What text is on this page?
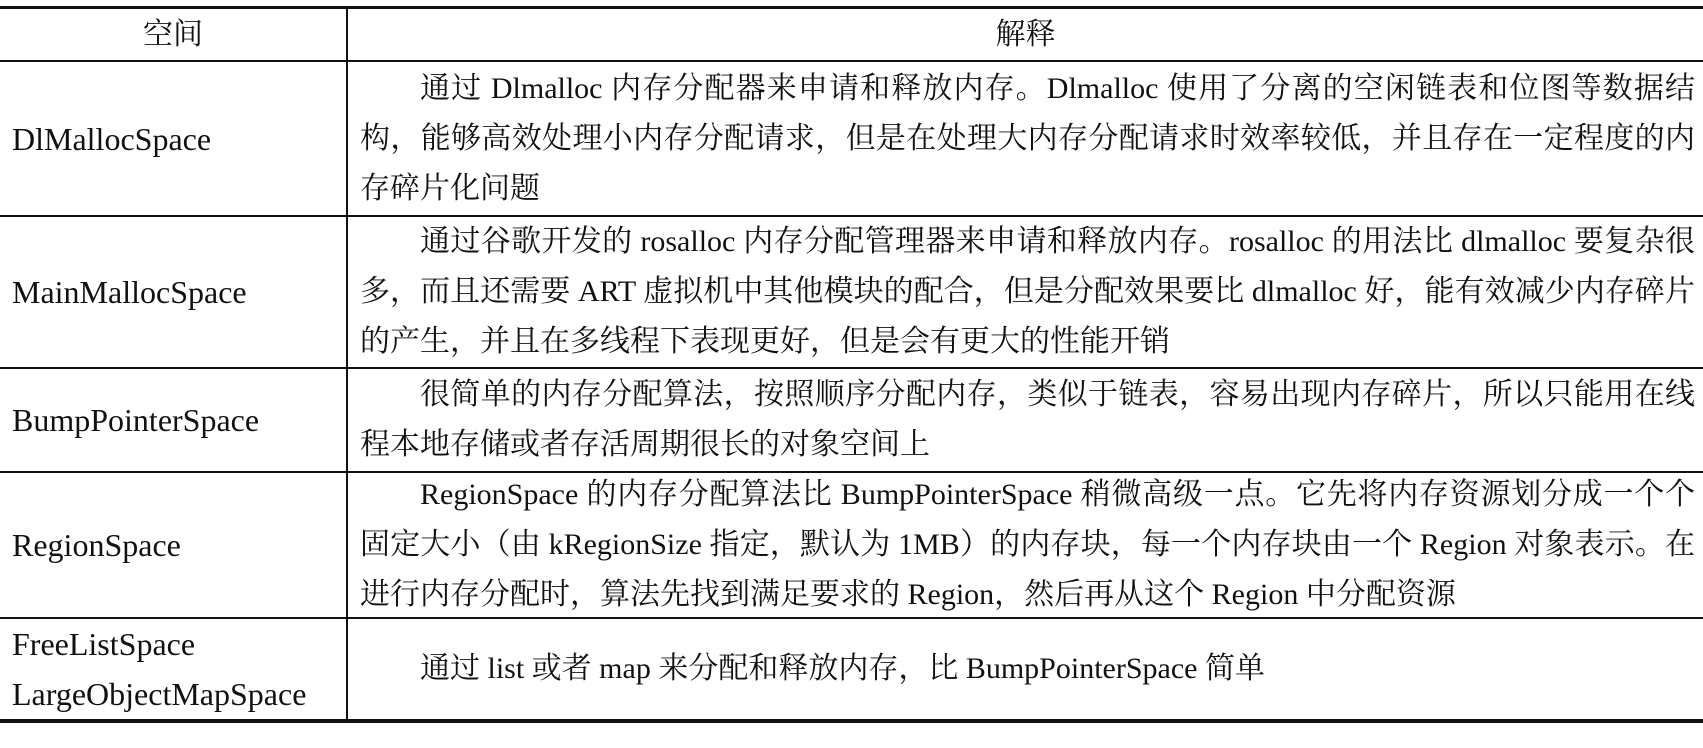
空间	解释
DlMallocSpace

通过 Dlmalloc 内存分配器来申请和释放内存。Dlmalloc 使用了分离的空闲链表和位图等数据结构，能够高效处理小内存分配请求，但是在处理大内存分配请求时效率较低，并且存在一定程度的内存碎片化问题

MainMallocSpace

通过谷歌开发的 rosalloc 内存分配管理器来申请和释放内存。rosalloc 的用法比 dlmalloc 要复杂很多，而且还需要 ART 虚拟机中其他模块的配合，但是分配效果要比 dlmalloc 好，能有效减少内存碎片的产生，并且在多线程下表现更好，但是会有更大的性能开销

BumpPointerSpace

很简单的内存分配算法，按照顺序分配内存，类似于链表，容易出现内存碎片，所以只能用在线程本地存储或者存活周期很长的对象空间上

RegionSpace

RegionSpace 的内存分配算法比 BumpPointerSpace 稍微高级一点。它先将内存资源划分成一个个固定大小（由 kRegionSize 指定，默认为 1MB）的内存块，每一个内存块由一个 Region 对象表示。在进行内存分配时，算法先找到满足要求的 Region，然后再从这个 Region 中分配资源

FreeListSpace
LargeObjectMapSpace

通过 list 或者 map 来分配和释放内存，比 BumpPointerSpace 简单
